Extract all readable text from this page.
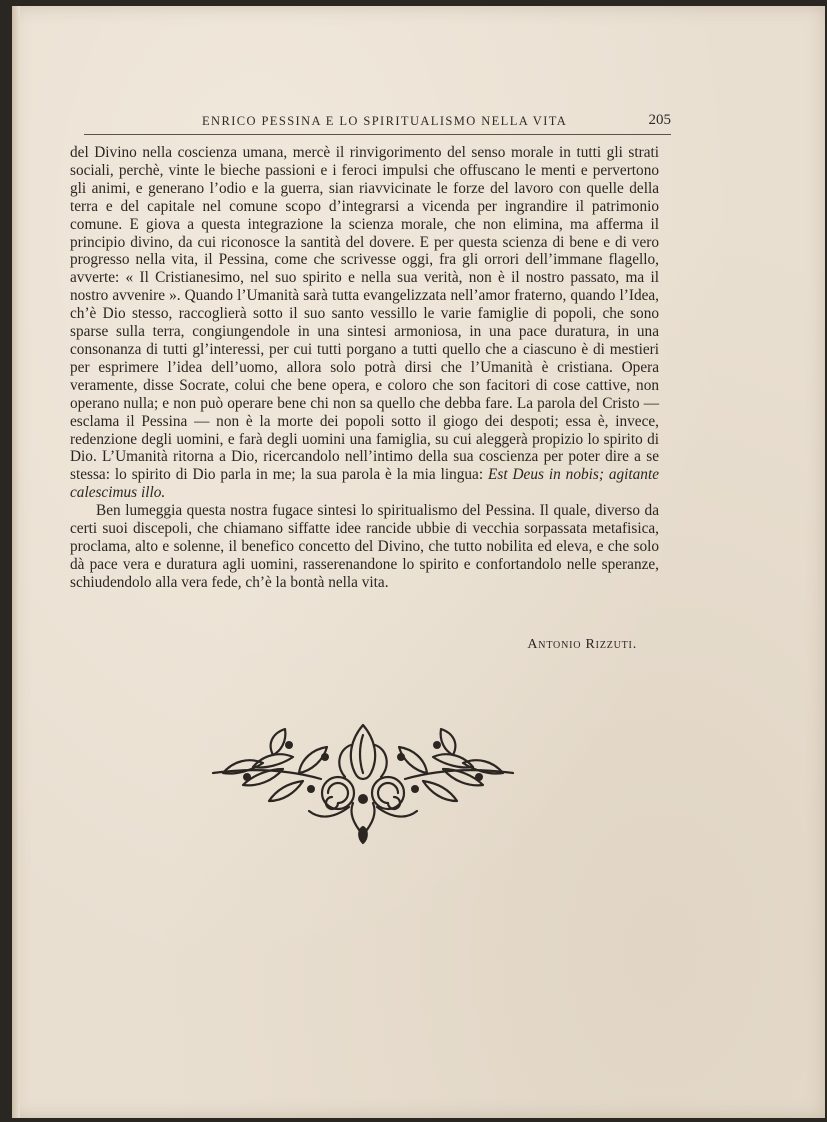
ENRICO PESSINA E LO SPIRITUALISMO NELLA VITA	205

del Divino nella coscienza umana, mercè il rinvigorimento del senso morale in tutti gli strati sociali, perchè, vinte le bieche passioni e i feroci impulsi che offuscano le menti e pervertono gli animi, e generano l’odio e la guerra, sian riavvicinate le forze del lavoro con quelle della terra e del capitale nel comune scopo d’integrarsi a vicenda per ingrandire il patrimonio comune. E giova a questa integrazione la scienza morale, che non elimina, ma afferma il principio divino, da cui riconosce la santità del dovere. E per questa scienza di bene e di vero progresso nella vita, il Pessina, come che scrivesse oggi, fra gli orrori dell’immane flagello, avverte: « Il Cristianesimo, nel suo spirito e nella sua verità, non è il nostro passato, ma il nostro avvenire ». Quando l’Umanità sarà tutta evangelizzata nell’amor fraterno, quando l’Idea, ch’è Dio stesso, raccoglierà sotto il suo santo vessillo le varie famiglie di popoli, che sono sparse sulla terra, congiungendole in una sintesi armoniosa, in una pace duratura, in una consonanza di tutti gl’interessi, per cui tutti porgano a tutti quello che a ciascuno è di mestieri per esprimere l’idea dell’uomo, allora solo potrà dirsi che l’Umanità è cristiana. Opera veramente, disse Socrate, colui che bene opera, e coloro che son facitori di cose cattive, non operano nulla; e non può operare bene chi non sa quello che debba fare. La parola del Cristo — esclama il Pessina — non è la morte dei popoli sotto il giogo dei despoti; essa è, invece, redenzione degli uomini, e farà degli uomini una famiglia, su cui aleggerà propizio lo spirito di Dio. L’Umanità ritorna a Dio, ricercandolo nell’intimo della sua coscienza per poter dire a se stessa: lo spirito di Dio parla in me; la sua parola è la mia lingua: Est Deus in nobis; agitante calescimus illo.

Ben lumeggia questa nostra fugace sintesi lo spiritualismo del Pessina. Il quale, diverso da certi suoi discepoli, che chiamano siffatte idee rancide ubbie di vecchia sorpassata metafisica, proclama, alto e solenne, il benefico concetto del Divino, che tutto nobilita ed eleva, e che solo dà pace vera e duratura agli uomini, rasserenandone lo spirito e confortandolo nelle speranze, schiudendolo alla vera fede, ch’è la bontà nella vita.

Antonio Rizzuti.
